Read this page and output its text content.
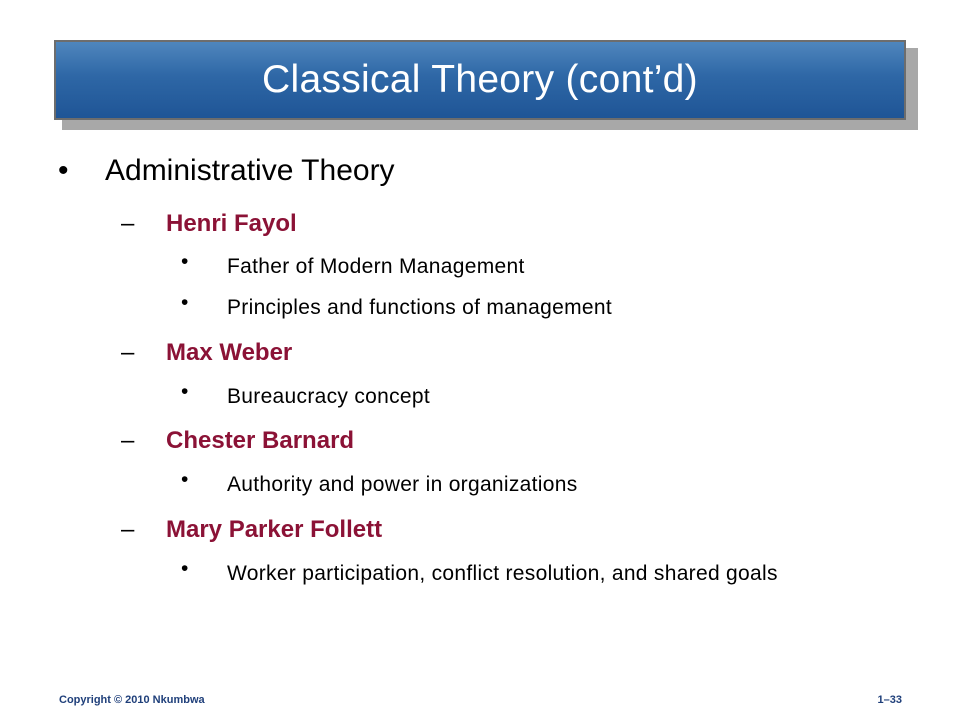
Classical Theory (cont’d)
• Administrative Theory
– Henri Fayol
• Father of Modern Management
• Principles and functions of management
– Max Weber
• Bureaucracy concept
– Chester Barnard
• Authority and power in organizations
– Mary Parker Follett
• Worker participation, conflict resolution, and shared goals
Copyright © 2010 Nkumbwa	1–33
